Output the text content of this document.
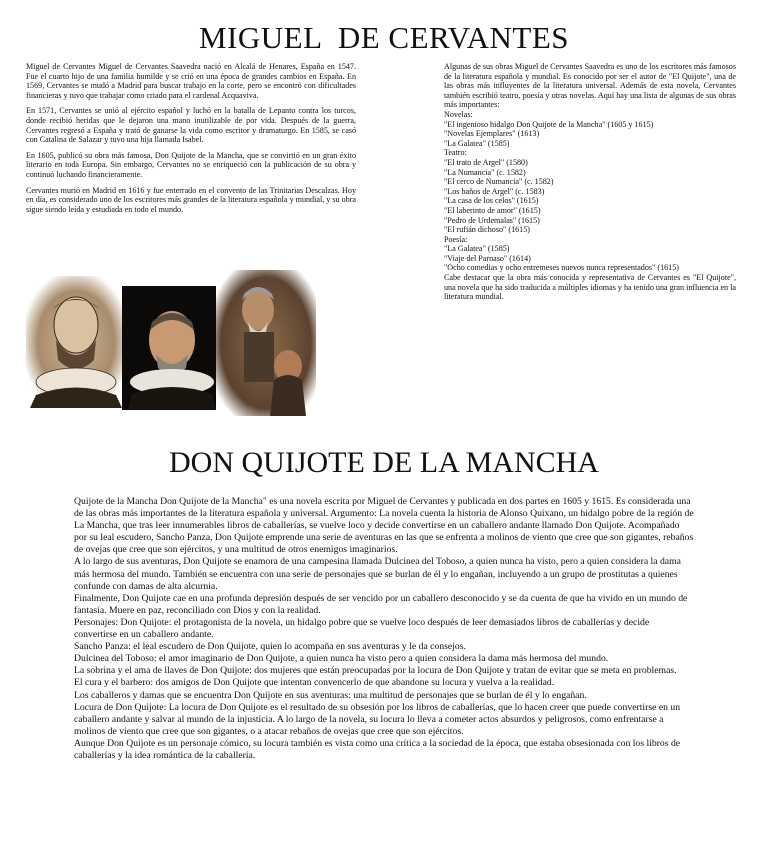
MIGUEL  DE CERVANTES

Miguel de Cervantes Miguel de Cervantes Saavedra nació en Alcalá de Henares, España en 1547. Fue el cuarto hijo de una familia humilde y se crió en una época de grandes cambios en España. En 1569, Cervantes se mudó a Madrid para buscar trabajo en la corte, pero se encontró con dificultades financieras y tuvo que trabajar como criado para el cardenal Acquaviva.

En 1571, Cervantes se unió al ejército español y luchó en la batalla de Lepanto contra los turcos, donde recibió heridas que le dejaron una mano inutilizable de por vida. Después de la guerra, Cervantes regresó a España y trató de ganarse la vida como escritor y dramaturgo. En 1585, se casó con Catalina de Salazar y tuvo una hija llamada Isabel.

En 1605, publicó su obra más famosa, Don Quijote de la Mancha, que se convirtió en un gran éxito literario en toda Europa. Sin embargo, Cervantes no se enriqueció con la publicación de su obra y continuó luchando financieramente.

Cervantes murió en Madrid en 1616 y fue enterrado en el convento de las Trinitarias Descalzas. Hoy en día, es considerado uno de los escritores más grandes de la literatura española y mundial, y su obra sigue siendo leída y estudiada en todo el mundo.

Algunas de sus obras Miguel de Cervantes Saavedra es uno de los escritores más famosos de la literatura española y mundial. Es conocido por ser el autor de "El Quijote", una de las obras más influyentes de la literatura universal. Además de esta novela, Cervantes también escribió teatro, poesía y otras novelas. Aquí hay una lista de algunas de sus obras más importantes:

Novelas:
"El ingenioso hidalgo Don Quijote de la Mancha" (1605 y 1615)
"Novelas Ejemplares" (1613)
"La Galatea" (1585)
Teatro:
"El trato de Argel" (1580)
"La Numancia" (c. 1582)
"El cerco de Numancia" (c. 1582)
"Los baños de Argel" (c. 1583)
"La casa de los celos" (1615)
"El laberinto de amor" (1615)
"Pedro de Urdemalas" (1615)
"El rufián dichoso" (1615)
Poesía:
"La Galatea" (1585)
"Viaje del Parnaso" (1614)
"Ocho comedias y ocho entremeses nuevos nunca representados" (1615)

Cabe destacar que la obra más conocida y representativa de Cervantes es "El Quijote", una novela que ha sido traducida a múltiples idiomas y ha tenido una gran influencia en la literatura mundial.

DON QUIJOTE DE LA MANCHA

Quijote de la Mancha Don Quijote de la Mancha" es una novela escrita por Miguel de Cervantes y publicada en dos partes en 1605 y 1615. Es considerada una de las obras más importantes de la literatura española y universal. Argumento: La novela cuenta la historia de Alonso Quixano, un hidalgo pobre de la región de La Mancha, que tras leer innumerables libros de caballerías, se vuelve loco y decide convertirse en un caballero andante llamado Don Quijote. Acompañado por su leal escudero, Sancho Panza, Don Quijote emprende una serie de aventuras en las que se enfrenta a molinos de viento que cree que son gigantes, rebaños de ovejas que cree que son ejércitos, y una multitud de otros enemigos imaginarios.

A lo largo de sus aventuras, Don Quijote se enamora de una campesina llamada Dulcinea del Toboso, a quien nunca ha visto, pero a quien considera la dama más hermosa del mundo. También se encuentra con una serie de personajes que se burlan de él y lo engañan, incluyendo a un grupo de prostitutas a quienes confunde con damas de alta alcurnia.

Finalmente, Don Quijote cae en una profunda depresión después de ser vencido por un caballero desconocido y se da cuenta de que ha vivido en un mundo de fantasía. Muere en paz, reconciliado con Dios y con la realidad.

Personajes: Don Quijote: el protagonista de la novela, un hidalgo pobre que se vuelve loco después de leer demasiados libros de caballerías y decide convertirse en un caballero andante.

Sancho Panza: el leal escudero de Don Quijote, quien lo acompaña en sus aventuras y le da consejos.

Dulcinea del Toboso: el amor imaginario de Don Quijote, a quien nunca ha visto pero a quien considera la dama más hermosa del mundo.

La sobrina y el ama de llaves de Don Quijote: dos mujeres que están preocupadas por la locura de Don Quijote y tratan de evitar que se meta en problemas.

El cura y el barbero: dos amigos de Don Quijote que intentan convencerlo de que abandone su locura y vuelva a la realidad.

Los caballeros y damas que se encuentra Don Quijote en sus aventuras: una multitud de personajes que se burlan de él y lo engañan.

Locura de Don Quijote: La locura de Don Quijote es el resultado de su obsesión por los libros de caballerías, que lo hacen creer que puede convertirse en un caballero andante y salvar al mundo de la injusticia. A lo largo de la novela, su locura lo lleva a cometer actos absurdos y peligrosos, como enfrentarse a molinos de viento que cree que son gigantes, o a atacar rebaños de ovejas que cree que son ejércitos.

Aunque Don Quijote es un personaje cómico, su locura también es vista como una crítica a la sociedad de la época, que estaba obsesionada con los libros de caballerías y la idea romántica de la caballería.
